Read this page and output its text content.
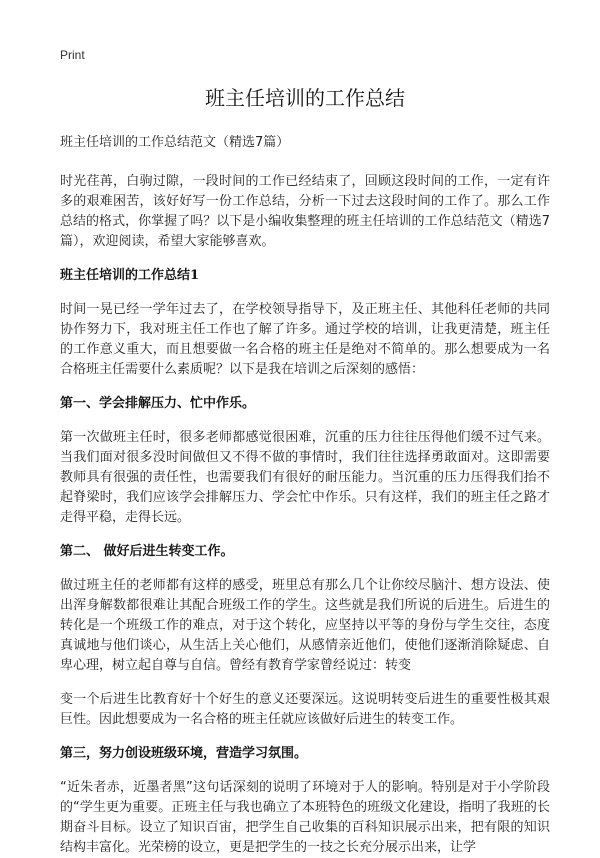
Print
班主任培训的工作总结
班主任培训的工作总结范文（精选7篇）

时光荏苒，白驹过隙，一段时间的工作已经结束了，回顾这段时间的工作，一定有许多的艰难困苦，该好好写一份工作总结，分析一下过去这段时间的工作了。那么工作总结的格式，你掌握了吗？以下是小编收集整理的班主任培训的工作总结范文（精选7篇），欢迎阅读，希望大家能够喜欢。

班主任培训的工作总结1

时间一晃已经一学年过去了，在学校领导指导下，及正班主任、其他科任老师的共同协作努力下，我对班主任工作也了解了许多。通过学校的培训，让我更清楚，班主任的工作意义重大，而且想要做一名合格的班主任是绝对不简单的。那么想要成为一名合格班主任需要什么素质呢？以下是我在培训之后深刻的感悟：

第一、学会排解压力、忙中作乐。

第一次做班主任时，很多老师都感觉很困难，沉重的压力往往压得他们缓不过气来。当我们面对很多没时间做但又不得不做的事情时，我们往往选择勇敢面对。这即需要教师具有很强的责任性，也需要我们有很好的耐压能力。当沉重的压力压得我们抬不起脊梁时，我们应该学会排解压力、学会忙中作乐。只有这样，我们的班主任之路才走得平稳，走得长远。

第二、 做好后进生转变工作。

做过班主任的老师都有这样的感受，班里总有那么几个让你绞尽脑汁、想方设法、使出浑身解数都很难让其配合班级工作的学生。这些就是我们所说的后进生。后进生的转化是一个班级工作的难点，对于这个转化，应坚持以平等的身份与学生交往，态度真诚地与他们谈心，从生活上关心他们，从感情亲近他们，使他们逐渐消除疑虑、自卑心理，树立起自尊与自信。曾经有教育学家曾经说过：转变

变一个后进生比教育好十个好生的意义还要深远。这说明转变后进生的重要性极其艰巨性。因此想要成为一名合格的班主任就应该做好后进生的转变工作。

第三，努力创设班级环境，营造学习氛围。

“近朱者赤，近墨者黑”这句话深刻的说明了环境对于人的影响。特别是对于小学阶段的“学生更为重要。正班主任与我也确立了本班特色的班级文化建设，指明了我班的长期奋斗目标。设立了知识百宙，把学生自己收集的百科知识展示出来，把有限的知识结构丰富化。光荣榜的设立，更是把学生的一技之长充分展示出来，让学
